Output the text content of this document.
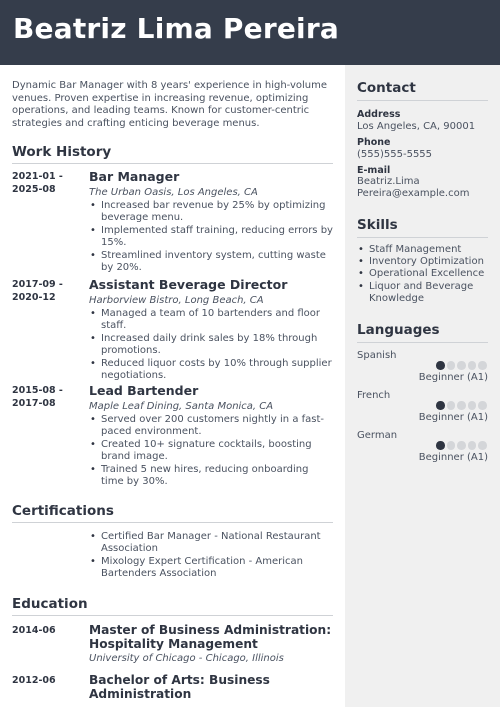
Beatriz Lima Pereira
Contact
Address
Los Angeles, CA, 90001
Phone
(555)555-5555
E-mail
Beatriz.Lima
Pereira@example.com
Skills
• Staff Management
• Inventory Optimization
• Operational Excellence
• Liquor and Beverage Knowledge
Languages
Spanish
Beginner (A1)
French
Beginner (A1)
German
Beginner (A1)

Dynamic Bar Manager with 8 years' experience in high-volume venues. Proven expertise in increasing revenue, optimizing operations, and leading teams. Known for customer-centric strategies and crafting enticing beverage menus.

Work History
2021-01 -
2025-08
Bar Manager
The Urban Oasis, Los Angeles, CA
• Increased bar revenue by 25% by optimizing beverage menu.
• Implemented staff training, reducing errors by 15%.
• Streamlined inventory system, cutting waste by 20%.
2017-09 -
2020-12
Assistant Beverage Director
Harborview Bistro, Long Beach, CA
• Managed a team of 10 bartenders and floor staff.
• Increased daily drink sales by 18% through promotions.
• Reduced liquor costs by 10% through supplier negotiations.
2015-08 -
2017-08
Lead Bartender
Maple Leaf Dining, Santa Monica, CA
• Served over 200 customers nightly in a fast-paced environment.
• Created 10+ signature cocktails, boosting brand image.
• Trained 5 new hires, reducing onboarding time by 30%.
Certifications
• Certified Bar Manager - National Restaurant Association
• Mixology Expert Certification - American Bartenders Association
Education
2014-06	Master of Business Administration: Hospitality Management
University of Chicago - Chicago, Illinois
2012-06	Bachelor of Arts: Business Administration
